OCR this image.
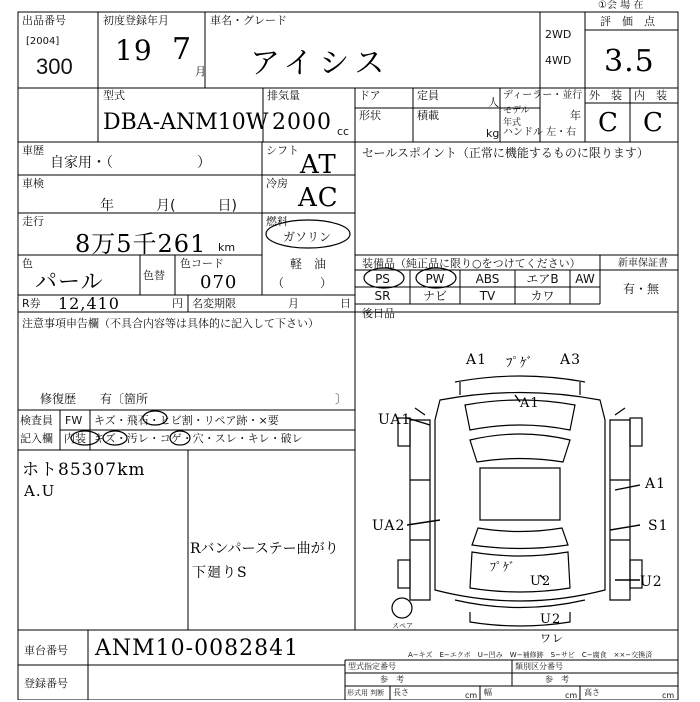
出品番号
[2004]
300
初度登録年月
19 7
月
車名・グレード
アイシス
2WD
4WD
①会 場 在
評　価　点
3.5
外　装 内　装
C C
型式
DBA-ANM10W
排気量
2000 cc
ドア	定員
人
形状	積載
kg
ディーラー・並行
モデル年式
年
ハンドル 左・右
車歴
自家用・（　　　　　　）
車検
年　　　月(　　　日)
走行
8万5千261 km
色
パール	色替
色コード
070
シフト AT
冷房 AC
燃料
ガソリン
軽　油
（　　　）
R券 12,410	円 名変期限	月	日
セールスポイント（正常に機能するものに限ります）
装備品（純正品に限り○をつけてください）	新車保証書
有・無
PS	PW	ABS	エアB	AW
SR	ナビ	TV	カワ
後日品
注意事項申告欄（不具合内容等は具体的に記入して下さい）
修復歴　　有〔箇所	〕
検査員
記入欄
FW キズ・飛石・ヒビ割・リペア跡・×要
内装 キズ・汚レ・コゲ・穴・スレ・キレ・破レ
ホト85307km
A.U
Rバンパーステー曲がり
下廻りS
A1 ﾌﾟｹﾞ A3
A1
UA1
A1
UA2	S1
ﾌﾟｹﾞ
U2	U2
U2
ワレ
スペア
A−キズ　E−エクボ　U−凹み　W−補修跡　S−サビ　C−腐食　××−交換済
車台番号 ANM10-0082841
登録番号
型式指定番号
参　考
類別区分番号
参　考
形式用 判断 長さ	cm 幅	cm 高さ	cm
